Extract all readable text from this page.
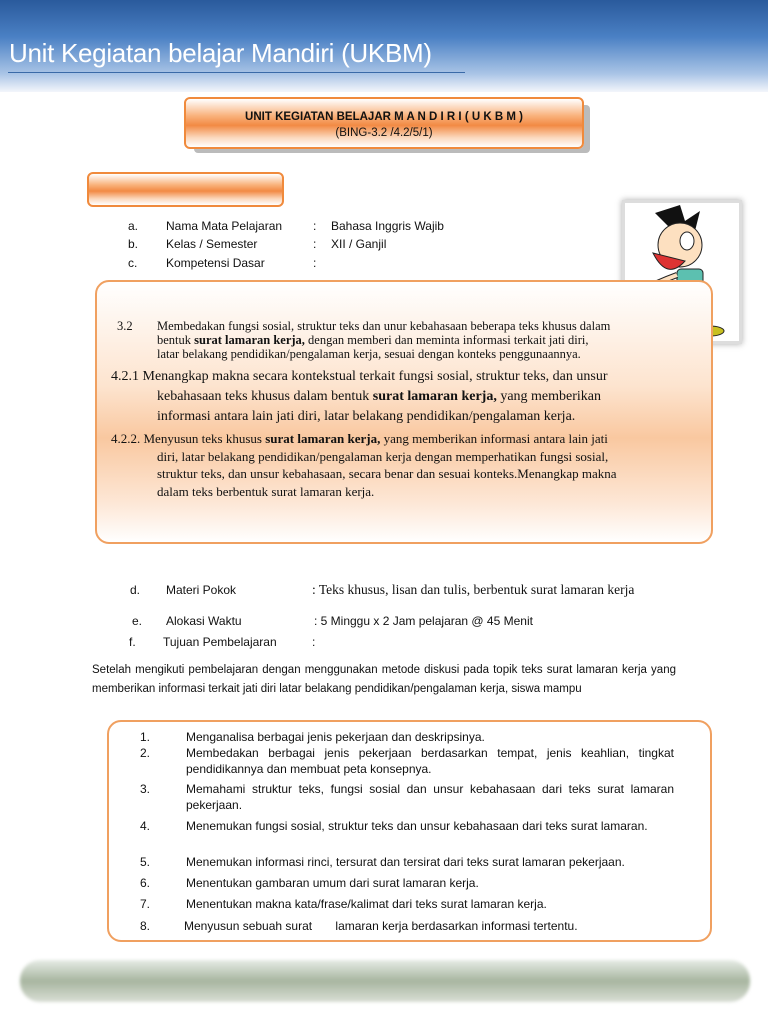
Unit Kegiatan belajar Mandiri (UKBM)
UNIT KEGIATAN BELAJAR M A N D I R I ( U K B M )
(BING-3.2 /4.2/5/1)
a. Nama Mata Pelajaran	: Bahasa Inggris Wajib
b. Kelas / Semester	: XII / Ganjil
c. Kompetensi Dasar	:

3.2 Membedakan fungsi sosial, struktur teks dan unur kebahasaan beberapa teks khusus dalam
bentuk surat lamaran kerja, dengan memberi dan meminta informasi terkait jati diri,
latar belakang pendidikan/pengalaman kerja, sesuai dengan konteks penggunaannya.
4.2.1 Menangkap makna secara kontekstual terkait fungsi sosial, struktur teks, dan unsur
kebahasaan teks khusus dalam bentuk surat lamaran kerja, yang memberikan
informasi antara lain jati diri, latar belakang pendidikan/pengalaman kerja.
4.2.2. Menyusun teks khusus surat lamaran kerja, yang memberikan informasi antara lain jati
diri, latar belakang pendidikan/pengalaman kerja dengan memperhatikan fungsi sosial,
struktur teks, dan unsur kebahasaan, secara benar dan sesuai konteks.Menangkap makna
dalam teks berbentuk surat lamaran kerja.
d. Materi Pokok	: Teks khusus, lisan dan tulis, berbentuk surat lamaran kerja
e. Alokasi Waktu	: 5 Minggu x 2 Jam pelajaran @ 45 Menit
f. Tujuan Pembelajaran	:
Setelah mengikuti pembelajaran dengan menggunakan metode diskusi pada topik teks surat lamaran kerja yang memberikan informasi terkait jati diri latar belakang pendidikan/pengalaman kerja, siswa mampu
1.	Menganalisa berbagai jenis pekerjaan dan deskripsinya.
2.	Membedakan berbagai jenis pekerjaan berdasarkan tempat, jenis keahlian, tingkat pendidikannya dan membuat peta konsepnya.
3.	Memahami struktur teks, fungsi sosial dan unsur kebahasaan dari teks surat lamaran pekerjaan.
4.	Menemukan fungsi sosial, struktur teks dan unsur kebahasaan dari teks surat lamaran.
5.	Menemukan informasi rinci, tersurat dan tersirat dari teks surat lamaran pekerjaan.
6.	Menentukan gambaran umum dari surat lamaran kerja.
7.	Menentukan makna kata/frase/kalimat dari teks surat lamaran kerja.
8.	Menyusun sebuah surat       lamaran kerja berdasarkan informasi tertentu.
